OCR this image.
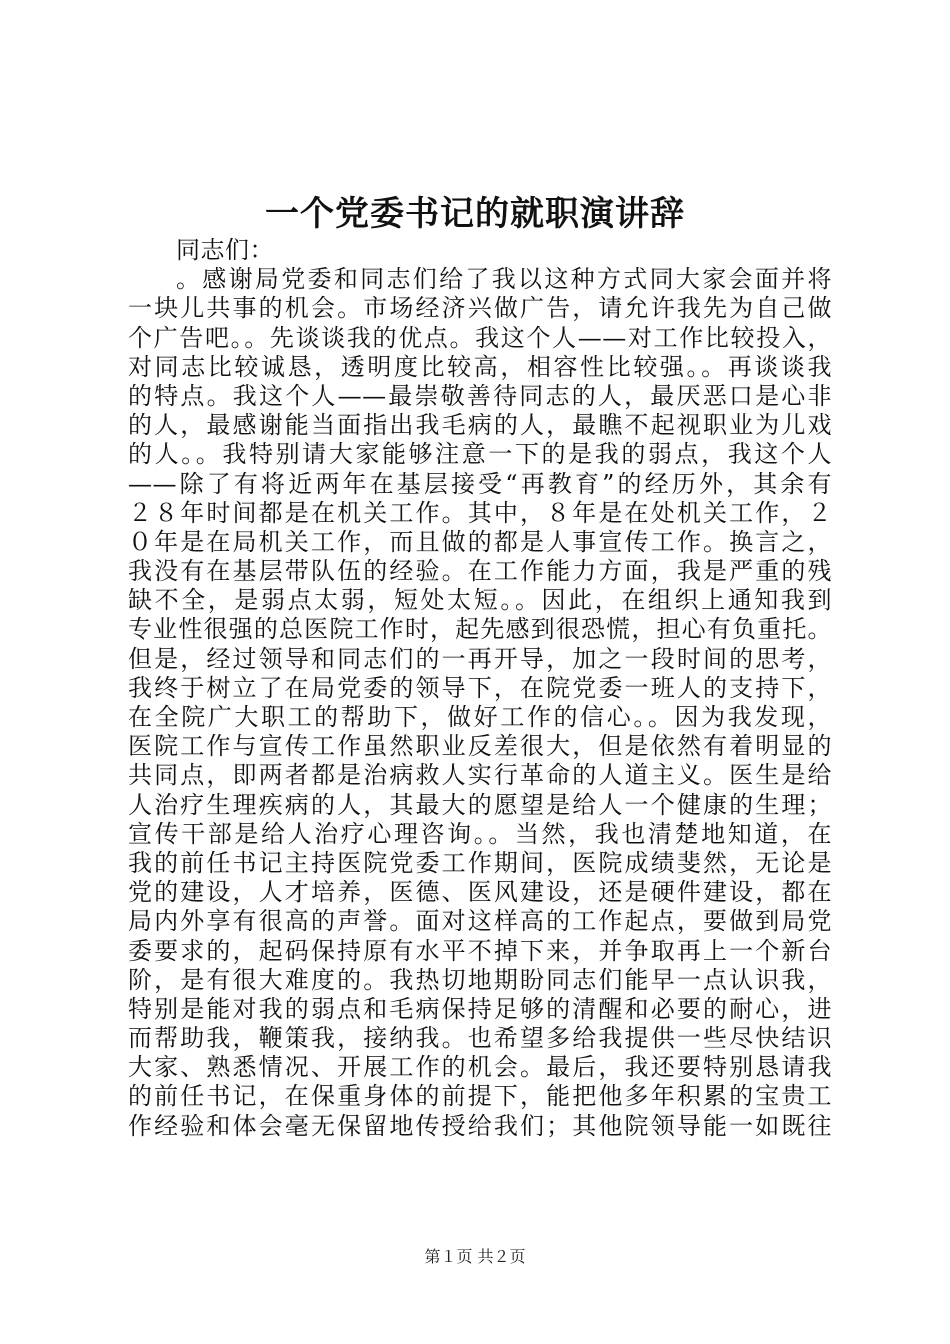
一个党委书记的就职演讲辞
同志们：
。感谢局党委和同志们给了我以这种方式同大家会面并将
一块儿共事的机会。市场经济兴做广告，请允许我先为自己做
个广告吧。。先谈谈我的优点。我这个人——对工作比较投入，
对同志比较诚恳，透明度比较高，相容性比较强。。再谈谈我
的特点。我这个人——最崇敬善待同志的人，最厌恶口是心非
的人，最感谢能当面指出我毛病的人，最瞧不起视职业为儿戏
的人。。我特别请大家能够注意一下的是我的弱点，我这个人
——除了有将近两年在基层接受“再教育”的经历外，其余有
２８年时间都是在机关工作。其中，８年是在处机关工作，２
０年是在局机关工作，而且做的都是人事宣传工作。换言之，
我没有在基层带队伍的经验。在工作能力方面，我是严重的残
缺不全，是弱点太弱，短处太短。。因此，在组织上通知我到
专业性很强的总医院工作时，起先感到很恐慌，担心有负重托。
但是，经过领导和同志们的一再开导，加之一段时间的思考，
我终于树立了在局党委的领导下，在院党委一班人的支持下，
在全院广大职工的帮助下，做好工作的信心。。因为我发现，
医院工作与宣传工作虽然职业反差很大，但是依然有着明显的
共同点，即两者都是治病救人实行革命的人道主义。医生是给
人治疗生理疾病的人，其最大的愿望是给人一个健康的生理；
宣传干部是给人治疗心理咨询。。当然，我也清楚地知道，在
我的前任书记主持医院党委工作期间，医院成绩斐然，无论是
党的建设，人才培养，医德、医风建设，还是硬件建设，都在
局内外享有很高的声誉。面对这样高的工作起点，要做到局党
委要求的，起码保持原有水平不掉下来，并争取再上一个新台
阶，是有很大难度的。我热切地期盼同志们能早一点认识我，
特别是能对我的弱点和毛病保持足够的清醒和必要的耐心，进
而帮助我，鞭策我，接纳我。也希望多给我提供一些尽快结识
大家、熟悉情况、开展工作的机会。最后，我还要特别恳请我
的前任书记，在保重身体的前提下，能把他多年积累的宝贵工
作经验和体会毫无保留地传授给我们；其他院领导能一如既往
第１页 共２页
